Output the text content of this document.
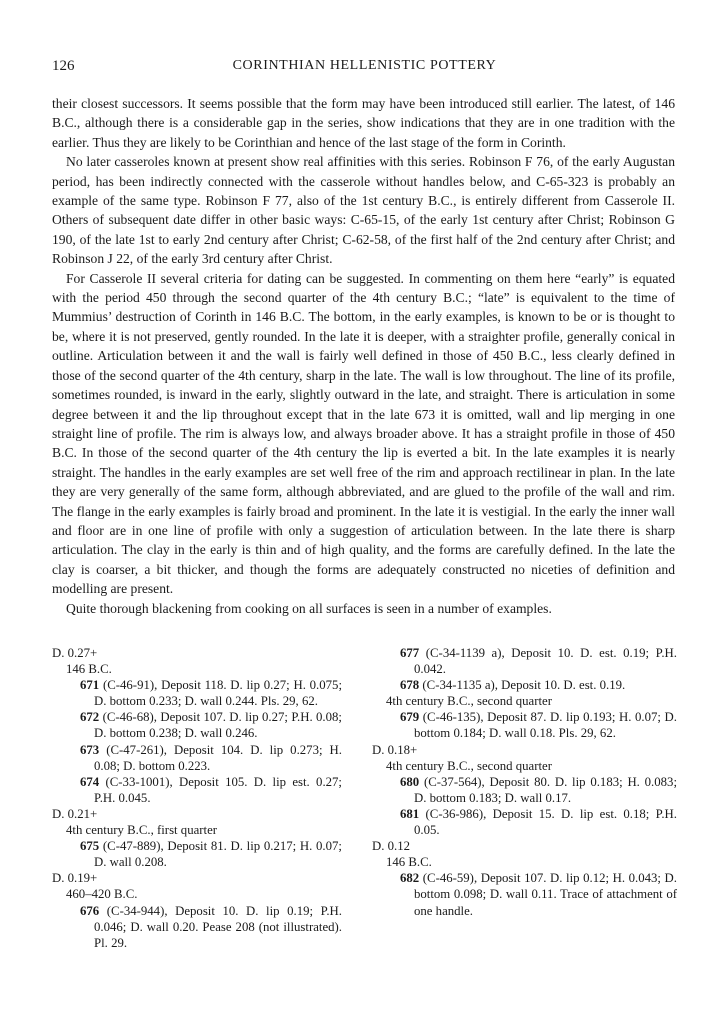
126	CORINTHIAN HELLENISTIC POTTERY

their closest successors. It seems possible that the form may have been introduced still earlier. The latest, of 146 B.C., although there is a considerable gap in the series, show indications that they are in one tradition with the earlier. Thus they are likely to be Corinthian and hence of the last stage of the form in Corinth.

No later casseroles known at present show real affinities with this series. Robinson F 76, of the early Augustan period, has been indirectly connected with the casserole without handles below, and C-65-323 is probably an example of the same type. Robinson F 77, also of the 1st century B.C., is entirely different from Casserole II. Others of subsequent date differ in other basic ways: C-65-15, of the early 1st century after Christ; Robinson G 190, of the late 1st to early 2nd century after Christ; C-62-58, of the first half of the 2nd century after Christ; and Robinson J 22, of the early 3rd century after Christ.

For Casserole II several criteria for dating can be suggested. In commenting on them here “early” is equated with the period 450 through the second quarter of the 4th century B.C.; “late” is equivalent to the time of Mummius’ destruction of Corinth in 146 B.C. The bottom, in the early examples, is known to be or is thought to be, where it is not preserved, gently rounded. In the late it is deeper, with a straighter profile, generally conical in outline. Articulation between it and the wall is fairly well defined in those of 450 B.C., less clearly defined in those of the second quarter of the 4th century, sharp in the late. The wall is low throughout. The line of its profile, sometimes rounded, is inward in the early, slightly outward in the late, and straight. There is articulation in some degree between it and the lip throughout except that in the late 673 it is omitted, wall and lip merging in one straight line of profile. The rim is always low, and always broader above. It has a straight profile in those of 450 B.C. In those of the second quarter of the 4th century the lip is everted a bit. In the late examples it is nearly straight. The handles in the early examples are set well free of the rim and approach rectilinear in plan. In the late they are very generally of the same form, although abbreviated, and are glued to the profile of the wall and rim. The flange in the early examples is fairly broad and prominent. In the late it is vestigial. In the early the inner wall and floor are in one line of profile with only a suggestion of articulation between. In the late there is sharp articulation. The clay in the early is thin and of high quality, and the forms are carefully defined. In the late the clay is coarser, a bit thicker, and though the forms are adequately constructed no niceties of definition and modelling are present.

Quite thorough blackening from cooking on all surfaces is seen in a number of examples.

D. 0.27+
146 B.C.
671 (C-46-91), Deposit 118. D. lip 0.27; H. 0.075; D. bottom 0.233; D. wall 0.244. Pls. 29, 62.
672 (C-46-68), Deposit 107. D. lip 0.27; P.H. 0.08; D. bottom 0.238; D. wall 0.246.
673 (C-47-261), Deposit 104. D. lip 0.273; H. 0.08; D. bottom 0.223.
674 (C-33-1001), Deposit 105. D. lip est. 0.27; P.H. 0.045.
D. 0.21+
4th century B.C., first quarter
675 (C-47-889), Deposit 81. D. lip 0.217; H. 0.07; D. wall 0.208.
D. 0.19+
460–420 B.C.
676 (C-34-944), Deposit 10. D. lip 0.19; P.H. 0.046; D. wall 0.20. Pease 208 (not illustrated). Pl. 29.
677 (C-34-1139 a), Deposit 10. D. est. 0.19; P.H. 0.042.
678 (C-34-1135 a), Deposit 10. D. est. 0.19.
4th century B.C., second quarter
679 (C-46-135), Deposit 87. D. lip 0.193; H. 0.07; D. bottom 0.184; D. wall 0.18. Pls. 29, 62.
D. 0.18+
4th century B.C., second quarter
680 (C-37-564), Deposit 80. D. lip 0.183; H. 0.083; D. bottom 0.183; D. wall 0.17.
681 (C-36-986), Deposit 15. D. lip est. 0.18; P.H. 0.05.
D. 0.12
146 B.C.
682 (C-46-59), Deposit 107. D. lip 0.12; H. 0.043; D. bottom 0.098; D. wall 0.11. Trace of attachment of one handle.
